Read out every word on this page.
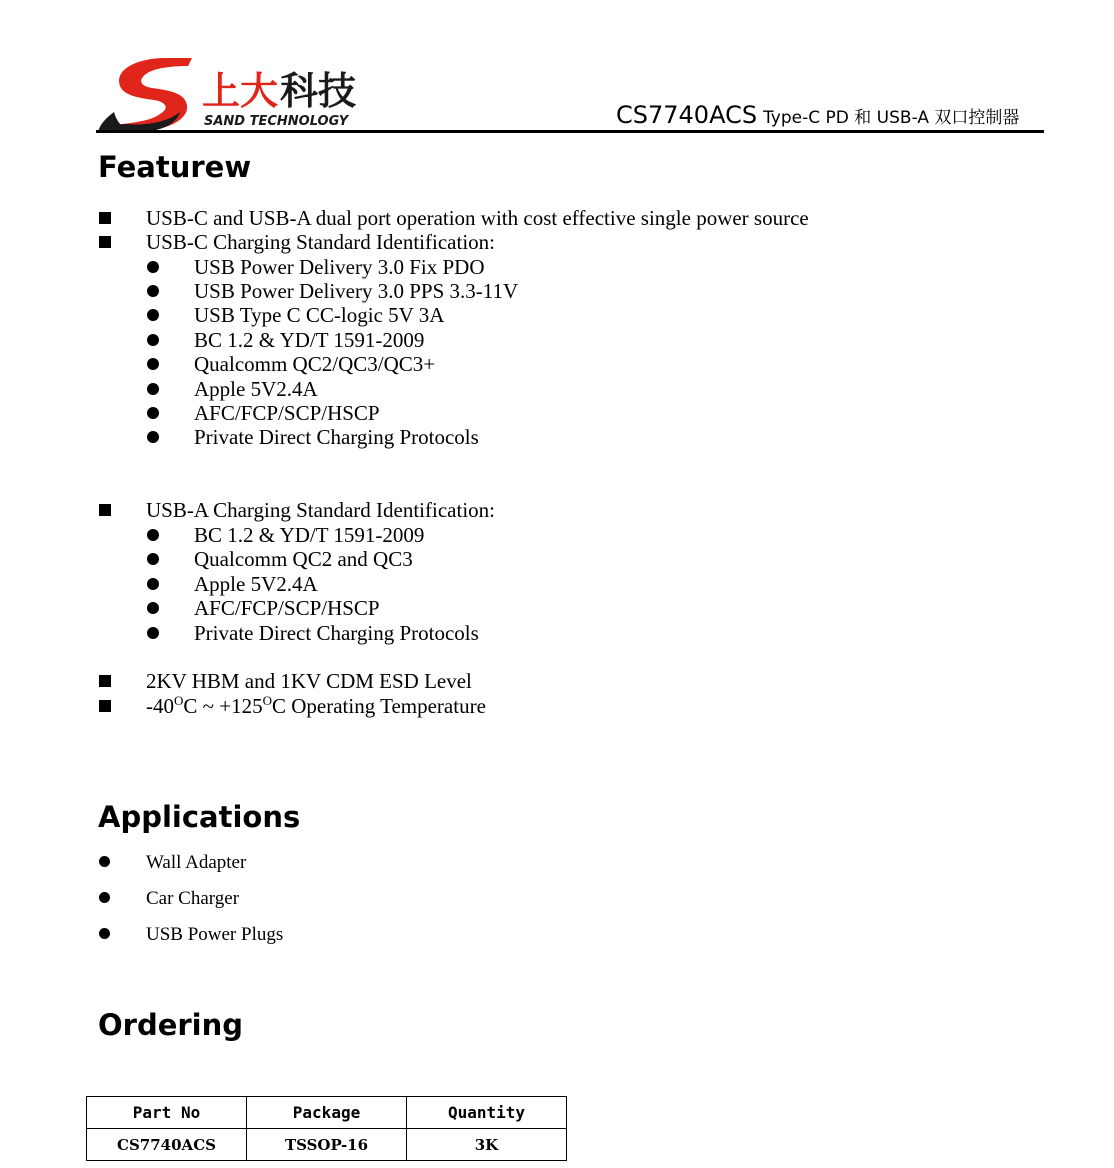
上大 科技
SAND TECHNOLOGY	CS7740ACS Type-C PD 和 USB-A 双口控制器
Featurew
USB-C and USB-A dual port operation with cost effective single power source
USB-C Charging Standard Identification:
USB Power Delivery 3.0 Fix PDO
USB Power Delivery 3.0 PPS 3.3-11V
USB Type C CC-logic 5V 3A
BC 1.2 & YD/T 1591-2009
Qualcomm QC2/QC3/QC3+
Apple 5V2.4A
AFC/FCP/SCP/HSCP
Private Direct Charging Protocols
USB-A Charging Standard Identification:
BC 1.2 & YD/T 1591-2009
Qualcomm QC2 and QC3
Apple 5V2.4A
AFC/FCP/SCP/HSCP
Private Direct Charging Protocols
2KV HBM and 1KV CDM ESD Level
$-40^OC$ ~ $+125^OC$ Operating Temperature
Applications
Wall Adapter
Car Charger
USB Power Plugs
Ordering
Part No	Package	Quantity
CS7740ACS	TSSOP-16	3K
